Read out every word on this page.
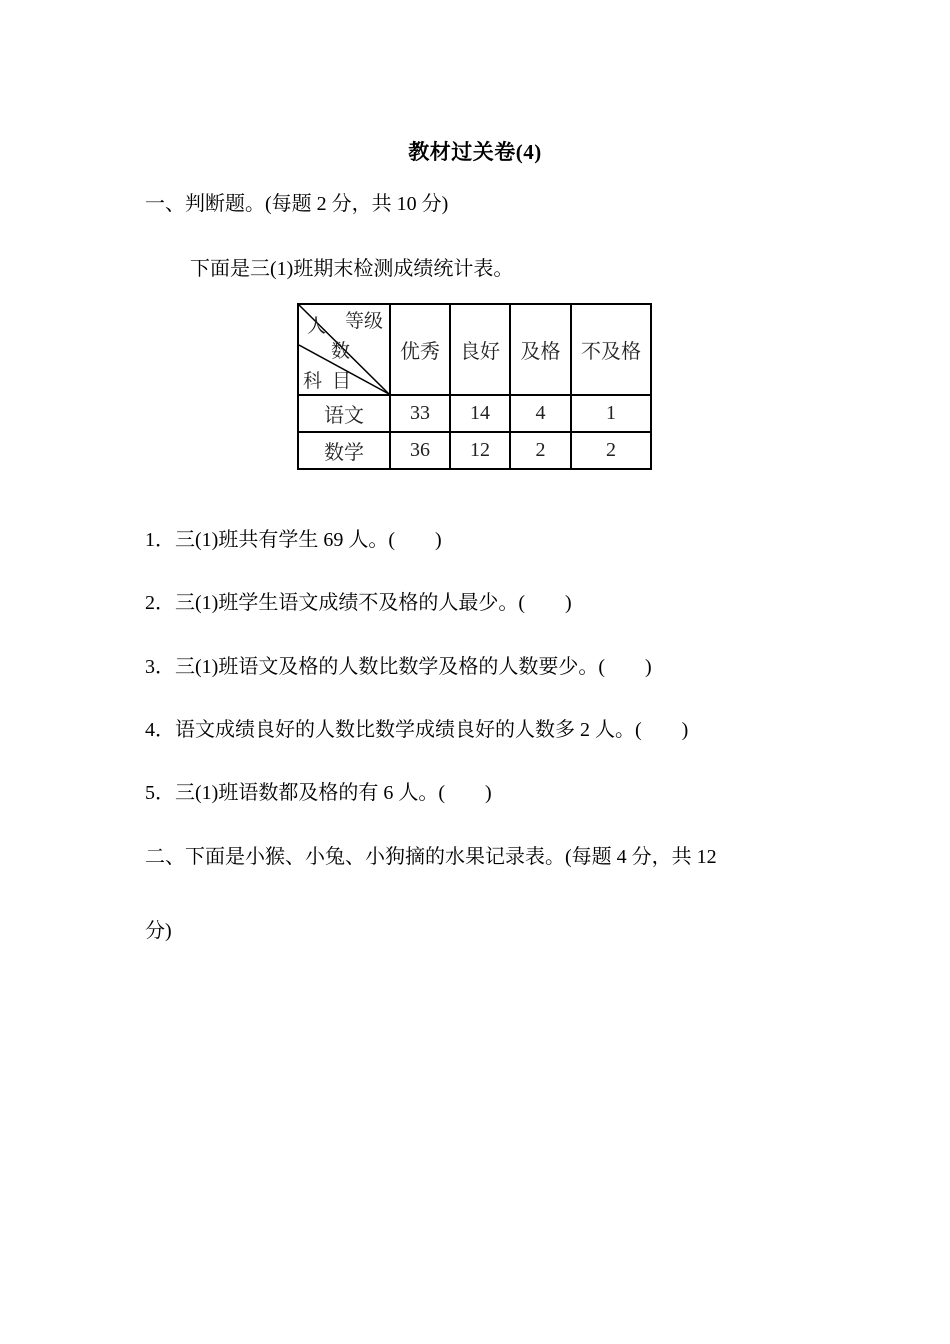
教材过关卷(4)
一、判断题。(每题 2 分，共 10 分)
下面是三(1)班期末检测成绩统计表。
等级
人
数
科 目	优秀	良好	及格	不及格
语文	33	14	4	1
数学	36	12	2	2
1．三(1)班共有学生 69 人。(　　)
2．三(1)班学生语文成绩不及格的人最少。(　　)
3．三(1)班语文及格的人数比数学及格的人数要少。(　　)
4．语文成绩良好的人数比数学成绩良好的人数多 2 人。(　　)
5．三(1)班语数都及格的有 6 人。(　　)
二、下面是小猴、小兔、小狗摘的水果记录表。(每题 4 分，共 12
分)
